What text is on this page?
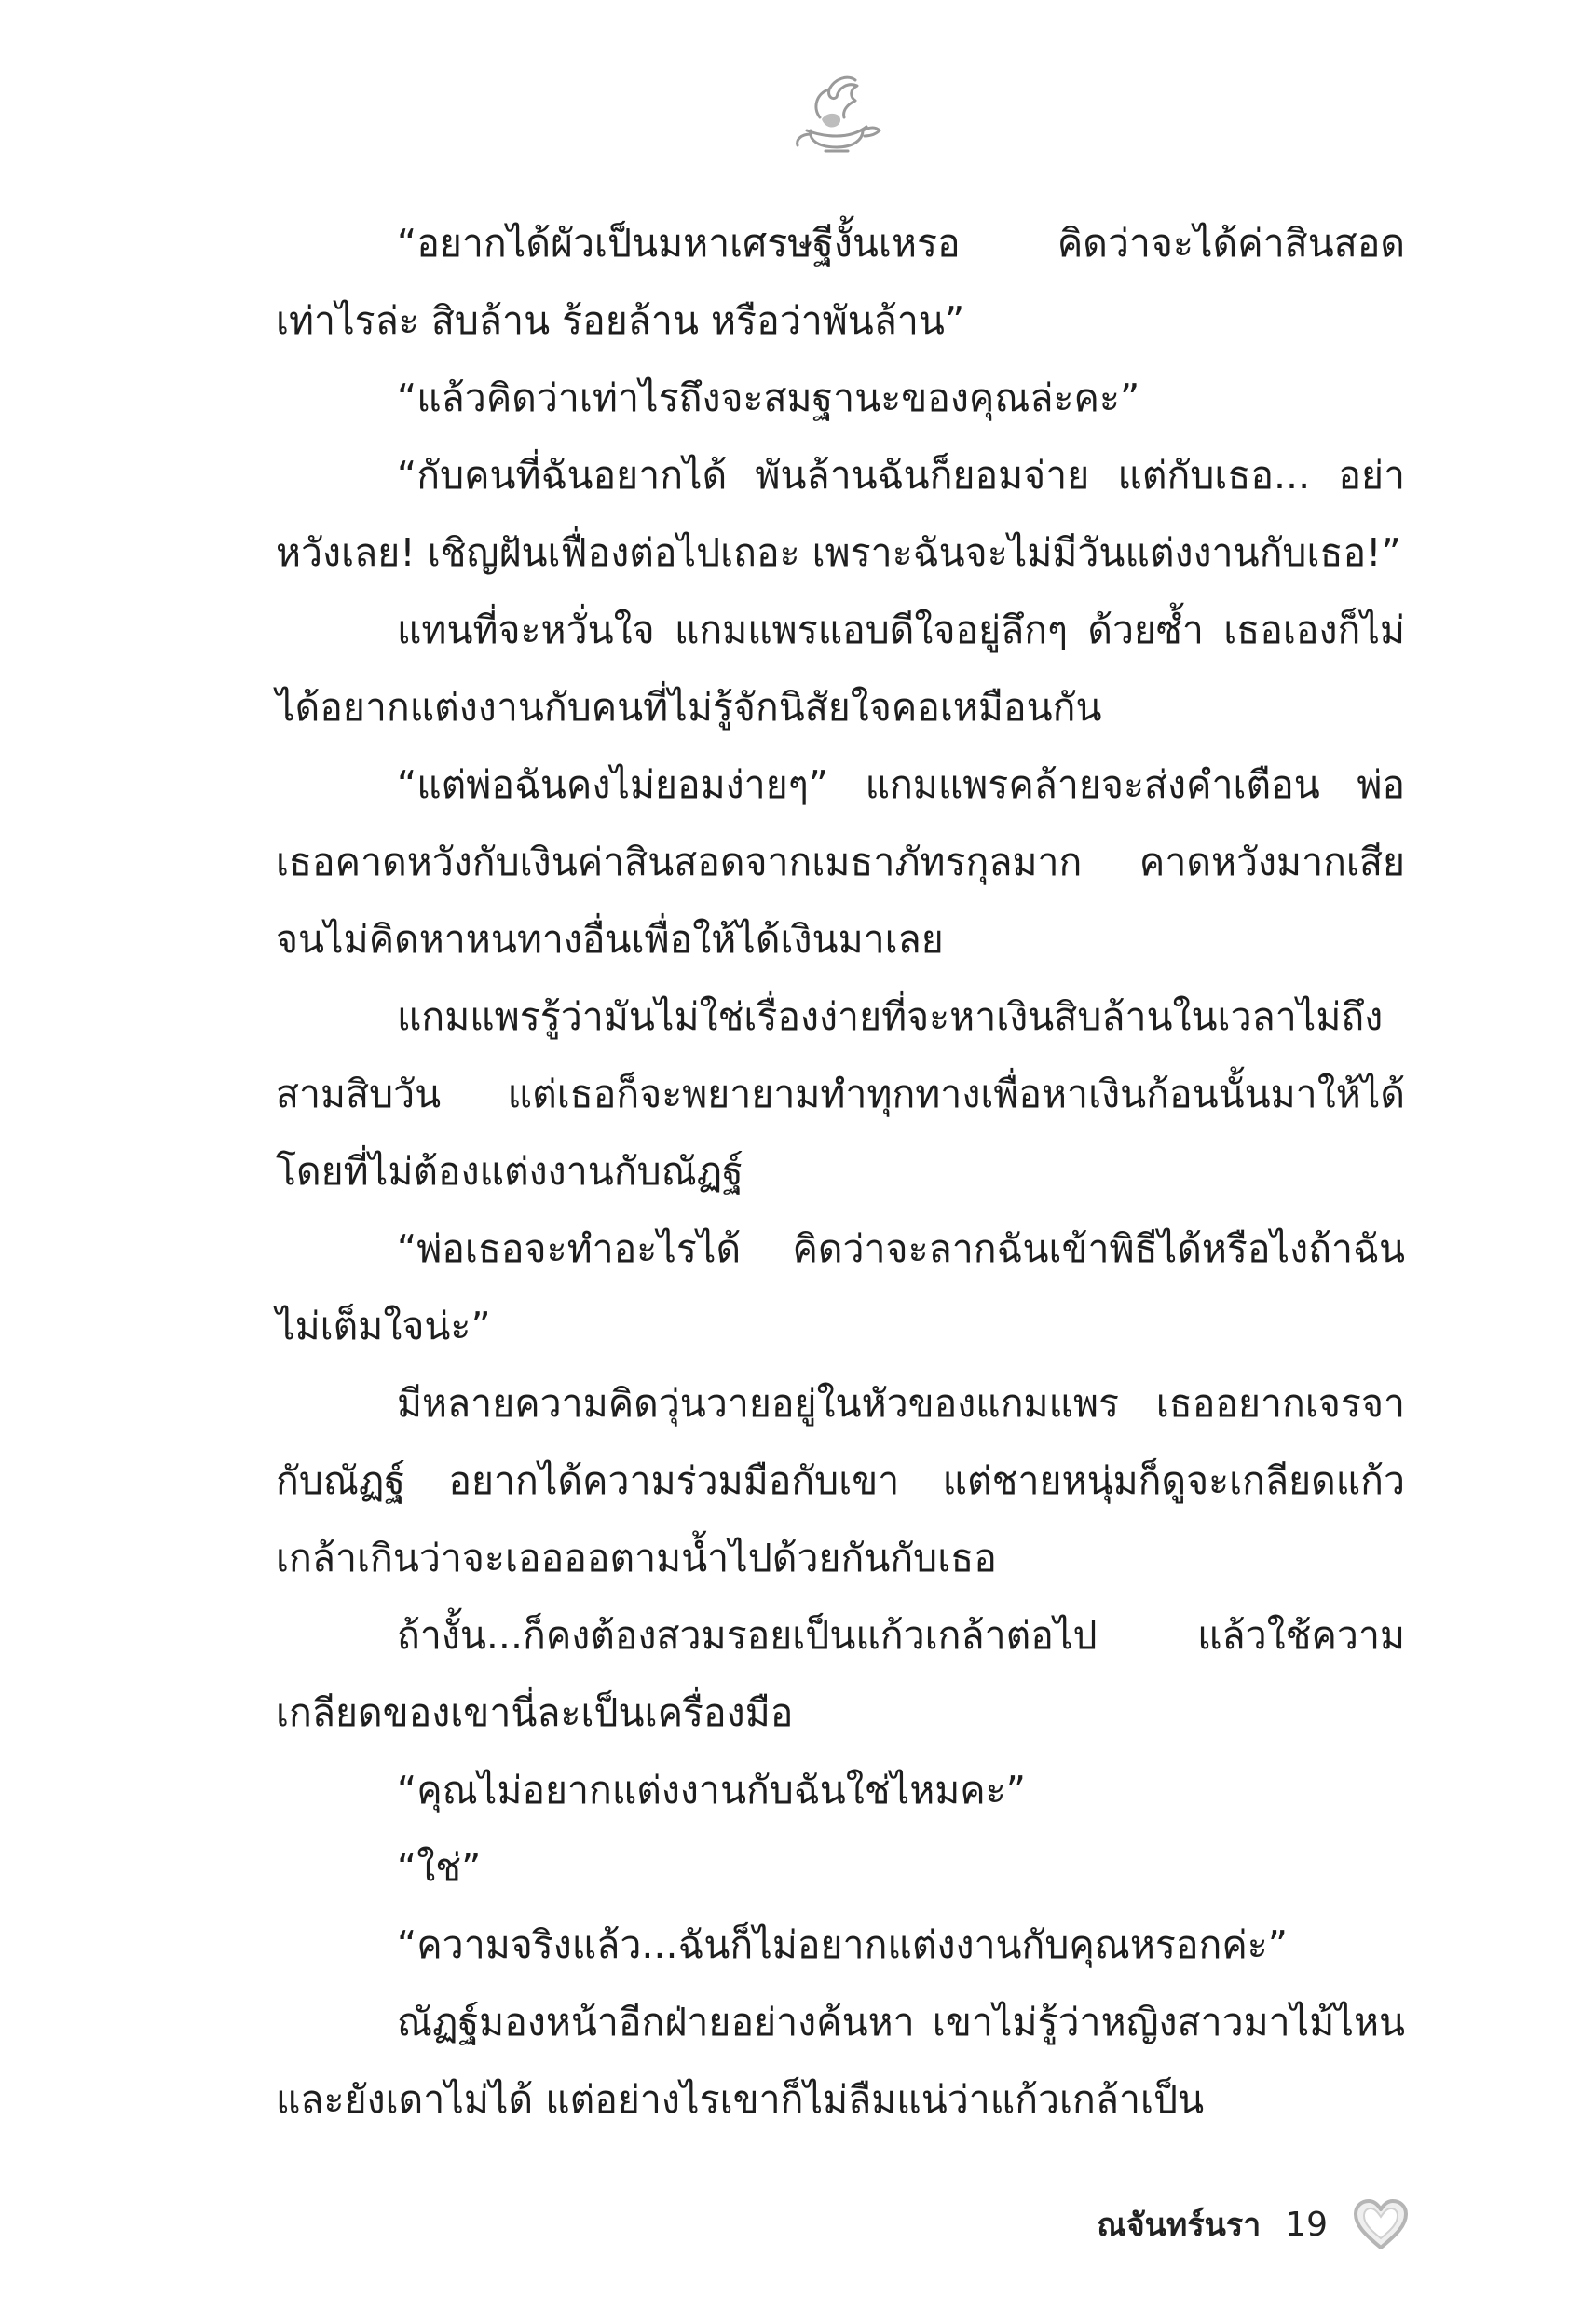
“อยากได้ผัวเป็นมหาเศรษฐีงั้นเหรอ คิดว่าจะได้ค่าสินสอดเท่าไรล่ะ สิบล้าน ร้อยล้าน หรือว่าพันล้าน”

“แล้วคิดว่าเท่าไรถึงจะสมฐานะของคุณล่ะคะ”

“กับคนที่ฉันอยากได้ พันล้านฉันก็ยอมจ่าย แต่กับเธอ... อย่าหวังเลย! เชิญฝันเฟื่องต่อไปเถอะ เพราะฉันจะไม่มีวันแต่งงานกับเธอ!”

แทนที่จะหวั่นใจ แกมแพรแอบดีใจอยู่ลึกๆ ด้วยซ้ำ เธอเองก็ไม่ได้อยากแต่งงานกับคนที่ไม่รู้จักนิสัยใจคอเหมือนกัน

“แต่พ่อฉันคงไม่ยอมง่ายๆ” แกมแพรคล้ายจะส่งคำเตือน พ่อเธอคาดหวังกับเงินค่าสินสอดจากเมธาภัทรกุลมาก คาดหวังมากเสียจนไม่คิดหาหนทางอื่นเพื่อให้ได้เงินมาเลย

แกมแพรรู้ว่ามันไม่ใช่เรื่องง่ายที่จะหาเงินสิบล้านในเวลาไม่ถึงสามสิบวัน แต่เธอก็จะพยายามทำทุกทางเพื่อหาเงินก้อนนั้นมาให้ได้ โดยที่ไม่ต้องแต่งงานกับณัฏฐ์

“พ่อเธอจะทำอะไรได้ คิดว่าจะลากฉันเข้าพิธีได้หรือไงถ้าฉันไม่เต็มใจน่ะ”

มีหลายความคิดวุ่นวายอยู่ในหัวของแกมแพร เธออยากเจรจากับณัฏฐ์ อยากได้ความร่วมมือกับเขา แต่ชายหนุ่มก็ดูจะเกลียดแก้วเกล้าเกินว่าจะเออออตามน้ำไปด้วยกันกับเธอ

ถ้างั้น...ก็คงต้องสวมรอยเป็นแก้วเกล้าต่อไป แล้วใช้ความเกลียดของเขานี่ละเป็นเครื่องมือ

“คุณไม่อยากแต่งงานกับฉันใช่ไหมคะ”

“ใช่”

“ความจริงแล้ว...ฉันก็ไม่อยากแต่งงานกับคุณหรอกค่ะ”

ณัฏฐ์มองหน้าอีกฝ่ายอย่างค้นหา เขาไม่รู้ว่าหญิงสาวมาไม้ไหนและยังเดาไม่ได้ แต่อย่างไรเขาก็ไม่ลืมแน่ว่าแก้วเกล้าเป็น

ณจันทร์นรา 19
